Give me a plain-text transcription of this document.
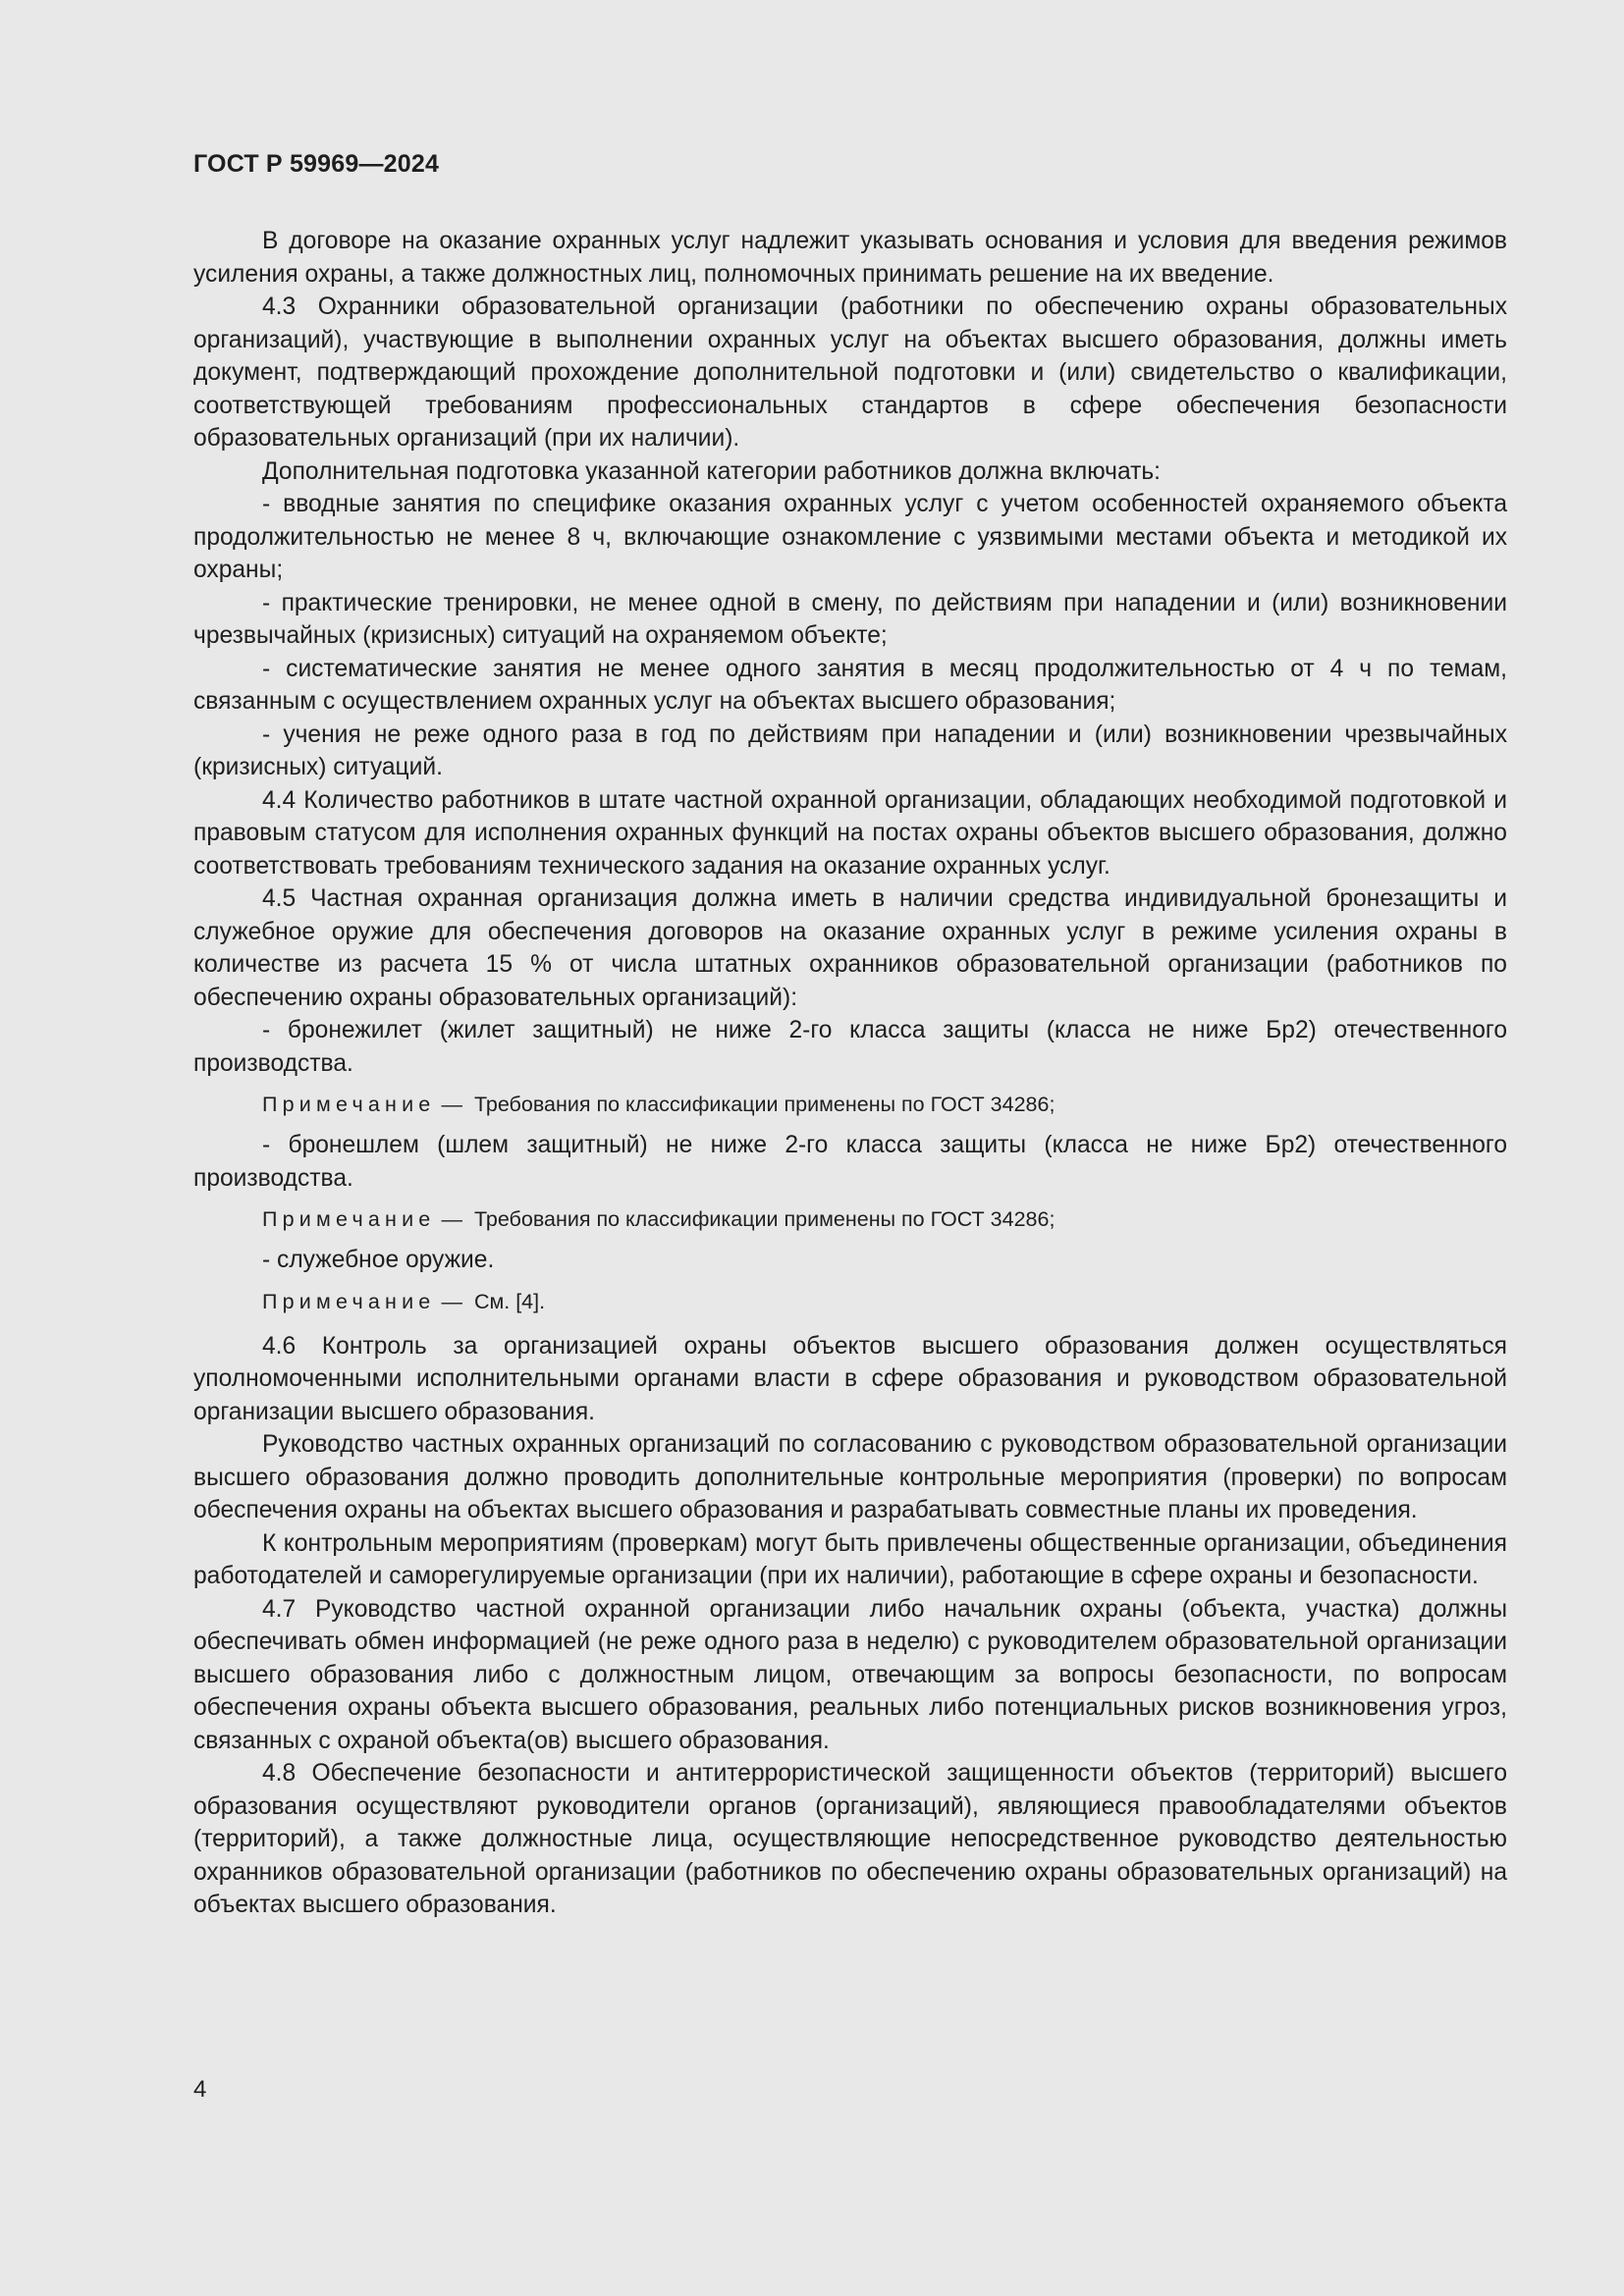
ГОСТ Р 59969—2024

В договоре на оказание охранных услуг надлежит указывать основания и условия для введения режимов усиления охраны, а также должностных лиц, полномочных принимать решение на их введение.

4.3 Охранники образовательной организации (работники по обеспечению охраны образовательных организаций), участвующие в выполнении охранных услуг на объектах высшего образования, должны иметь документ, подтверждающий прохождение дополнительной подготовки и (или) свидетельство о квалификации, соответствующей требованиям профессиональных стандартов в сфере обеспечения безопасности образовательных организаций (при их наличии).

Дополнительная подготовка указанной категории работников должна включать:

- вводные занятия по специфике оказания охранных услуг с учетом особенностей охраняемого объекта продолжительностью не менее 8 ч, включающие ознакомление с уязвимыми местами объекта и методикой их охраны;

- практические тренировки, не менее одной в смену, по действиям при нападении и (или) возникновении чрезвычайных (кризисных) ситуаций на охраняемом объекте;

- систематические занятия не менее одного занятия в месяц продолжительностью от 4 ч по темам, связанным с осуществлением охранных услуг на объектах высшего образования;

- учения не реже одного раза в год по действиям при нападении и (или) возникновении чрезвычайных (кризисных) ситуаций.

4.4 Количество работников в штате частной охранной организации, обладающих необходимой подготовкой и правовым статусом для исполнения охранных функций на постах охраны объектов высшего образования, должно соответствовать требованиям технического задания на оказание охранных услуг.

4.5 Частная охранная организация должна иметь в наличии средства индивидуальной бронезащиты и служебное оружие для обеспечения договоров на оказание охранных услуг в режиме усиления охраны в количестве из расчета 15 % от числа штатных охранников образовательной организации (работников по обеспечению охраны образовательных организаций):

- бронежилет (жилет защитный) не ниже 2-го класса защиты (класса не ниже Бр2) отечественного производства.

Примечание — Требования по классификации применены по ГОСТ 34286;

- бронешлем (шлем защитный) не ниже 2-го класса защиты (класса не ниже Бр2) отечественного производства.

Примечание — Требования по классификации применены по ГОСТ 34286;

- служебное оружие.

Примечание — См. [4].

4.6 Контроль за организацией охраны объектов высшего образования должен осуществляться уполномоченными исполнительными органами власти в сфере образования и руководством образовательной организации высшего образования.

Руководство частных охранных организаций по согласованию с руководством образовательной организации высшего образования должно проводить дополнительные контрольные мероприятия (проверки) по вопросам обеспечения охраны на объектах высшего образования и разрабатывать совместные планы их проведения.

К контрольным мероприятиям (проверкам) могут быть привлечены общественные организации, объединения работодателей и саморегулируемые организации (при их наличии), работающие в сфере охраны и безопасности.

4.7 Руководство частной охранной организации либо начальник охраны (объекта, участка) должны обеспечивать обмен информацией (не реже одного раза в неделю) с руководителем образовательной организации высшего образования либо с должностным лицом, отвечающим за вопросы безопасности, по вопросам обеспечения охраны объекта высшего образования, реальных либо потенциальных рисков возникновения угроз, связанных с охраной объекта(ов) высшего образования.

4.8 Обеспечение безопасности и антитеррористической защищенности объектов (территорий) высшего образования осуществляют руководители органов (организаций), являющиеся правообладателями объектов (территорий), а также должностные лица, осуществляющие непосредственное руководство деятельностью охранников образовательной организации (работников по обеспечению охраны образовательных организаций) на объектах высшего образования.

4
